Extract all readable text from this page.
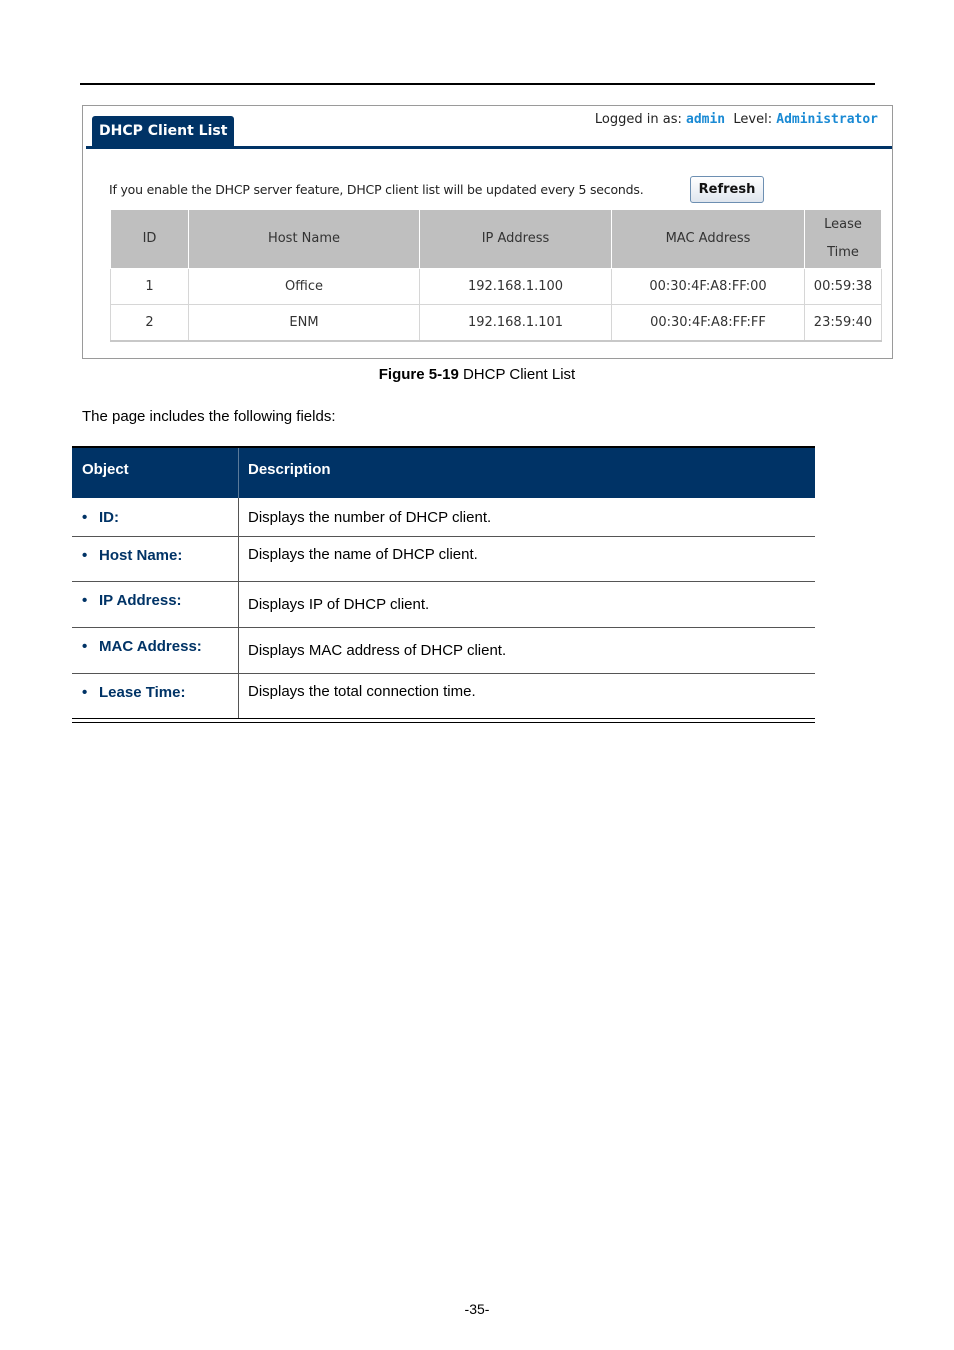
DHCP Client List
Logged in as: admin Level: Administrator
If you enable the DHCP server feature, DHCP client list will be updated every 5 seconds.	Refresh
ID	Host Name	IP Address	MAC Address	Lease Time
1	Office	192.168.1.100	00:30:4F:A8:FF:00	00:59:38
2	ENM	192.168.1.101	00:30:4F:A8:FF:FF	23:59:40
Figure 5-19 DHCP Client List
The page includes the following fields:
Object	Description
• ID:	Displays the number of DHCP client.
• Host Name:	Displays the name of DHCP client.
• IP Address:	Displays IP of DHCP client.
• MAC Address:	Displays MAC address of DHCP client.
• Lease Time:	Displays the total connection time.
-35-
